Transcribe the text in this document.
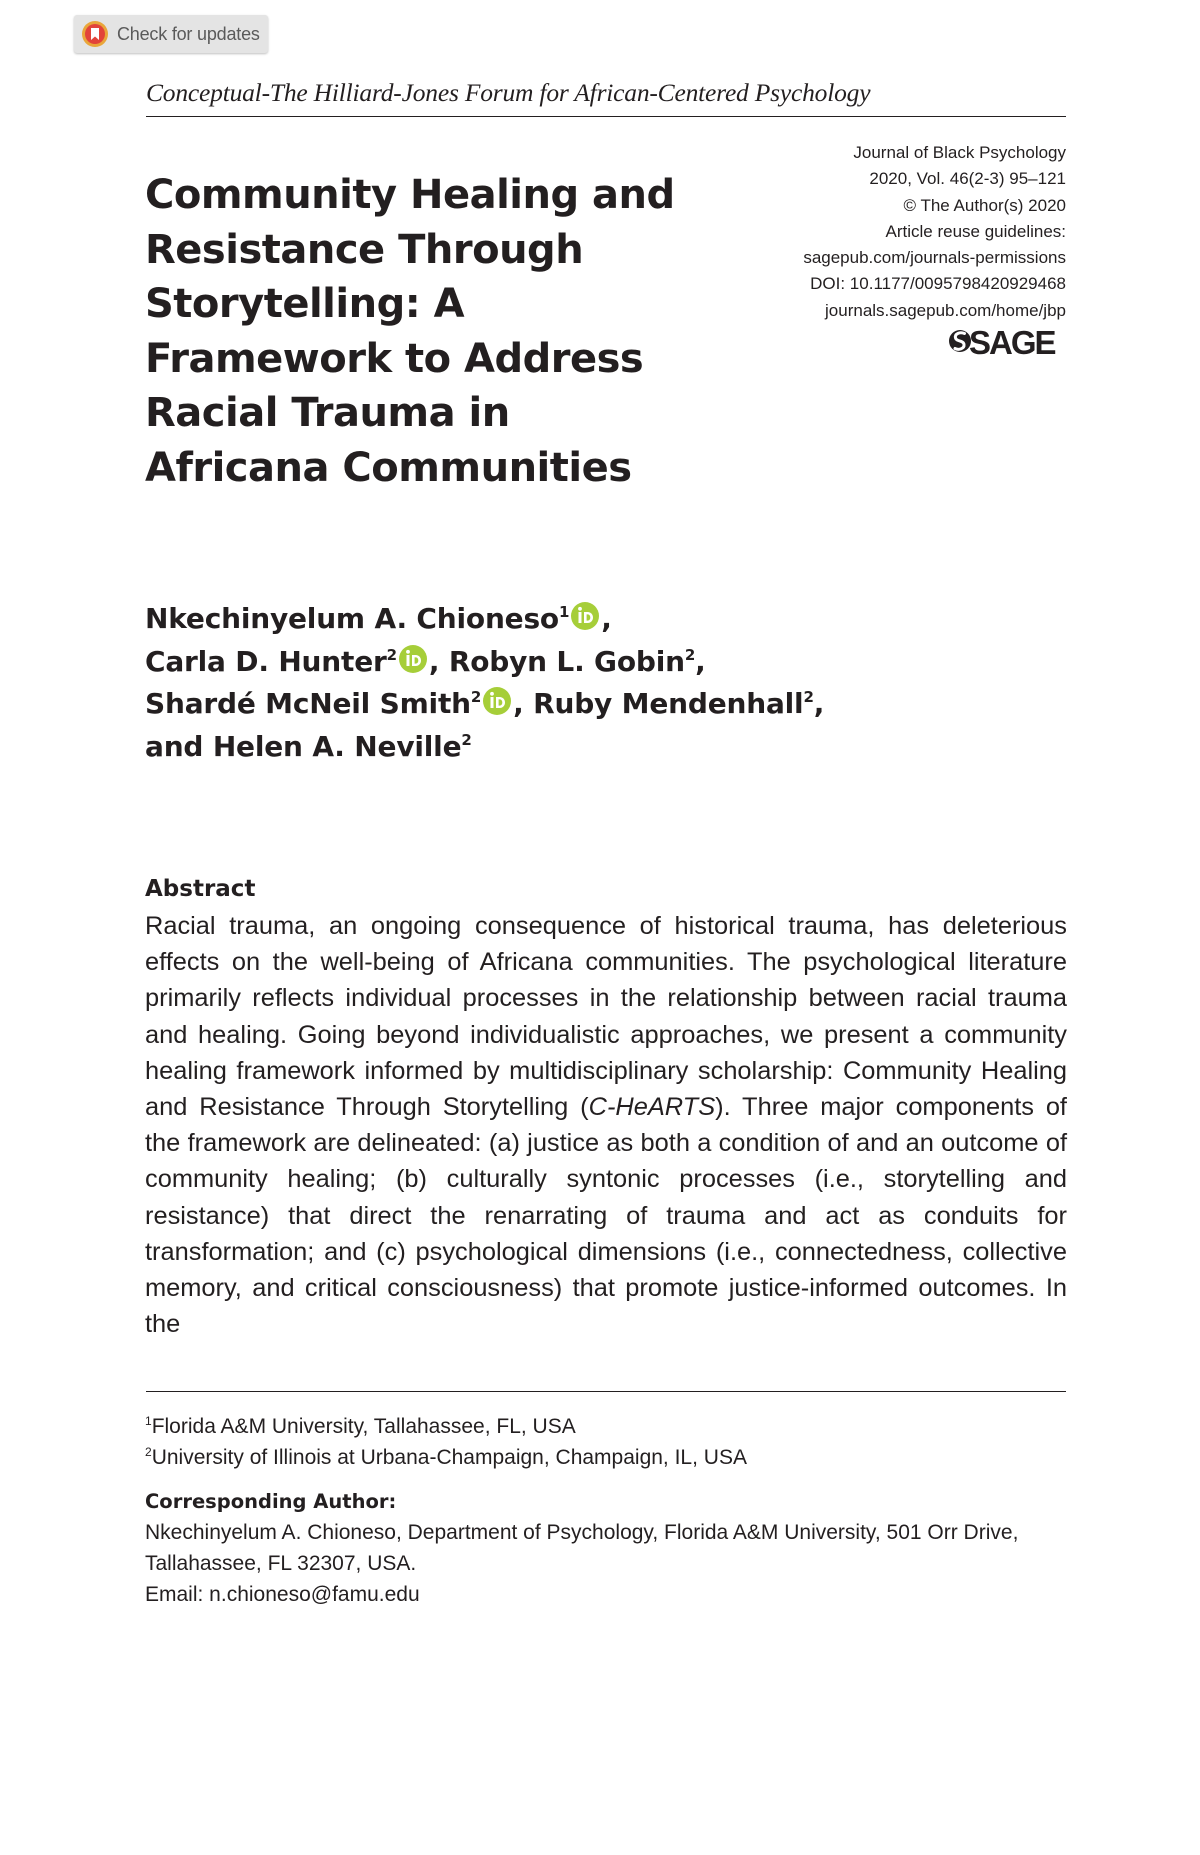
Check for updates
Conceptual-The Hilliard-Jones Forum for African-Centered Psychology
Journal of Black Psychology
2020, Vol. 46(2-3) 95–121
© The Author(s) 2020
Article reuse guidelines:
sagepub.com/journals-permissions
DOI: 10.1177/0095798420929468
journals.sagepub.com/home/jbp
SAGE
Community Healing and Resistance Through Storytelling: A Framework to Address Racial Trauma in Africana Communities
Nkechinyelum A. Chioneso$^1$ ,
Carla D. Hunter$^2$ , Robyn L. Gobin$^2$,
Shardé McNeil Smith$^2$ , Ruby Mendenhall$^2$,
and Helen A. Neville$^2$
Abstract

Racial trauma, an ongoing consequence of historical trauma, has deleterious effects on the well-being of Africana communities. The psychological literature primarily reflects individual processes in the relationship between racial trauma and healing. Going beyond individualistic approaches, we present a community healing framework informed by multidisciplinary scholarship: Community Healing and Resistance Through Storytelling (C-HeARTS). Three major components of the framework are delineated: (a) justice as both a condition of and an outcome of community healing; (b) culturally syntonic processes (i.e., storytelling and resistance) that direct the renarrating of trauma and act as conduits for transformation; and (c) psychological dimensions (i.e., connectedness, collective memory, and critical consciousness) that promote justice-informed outcomes. In the

$^1$Florida A&M University, Tallahassee, FL, USA

$^2$University of Illinois at Urbana-Champaign, Champaign, IL, USA

Corresponding Author:

Nkechinyelum A. Chioneso, Department of Psychology, Florida A&M University, 501 Orr Drive, Tallahassee, FL 32307, USA.

Email: n.chioneso@famu.edu
